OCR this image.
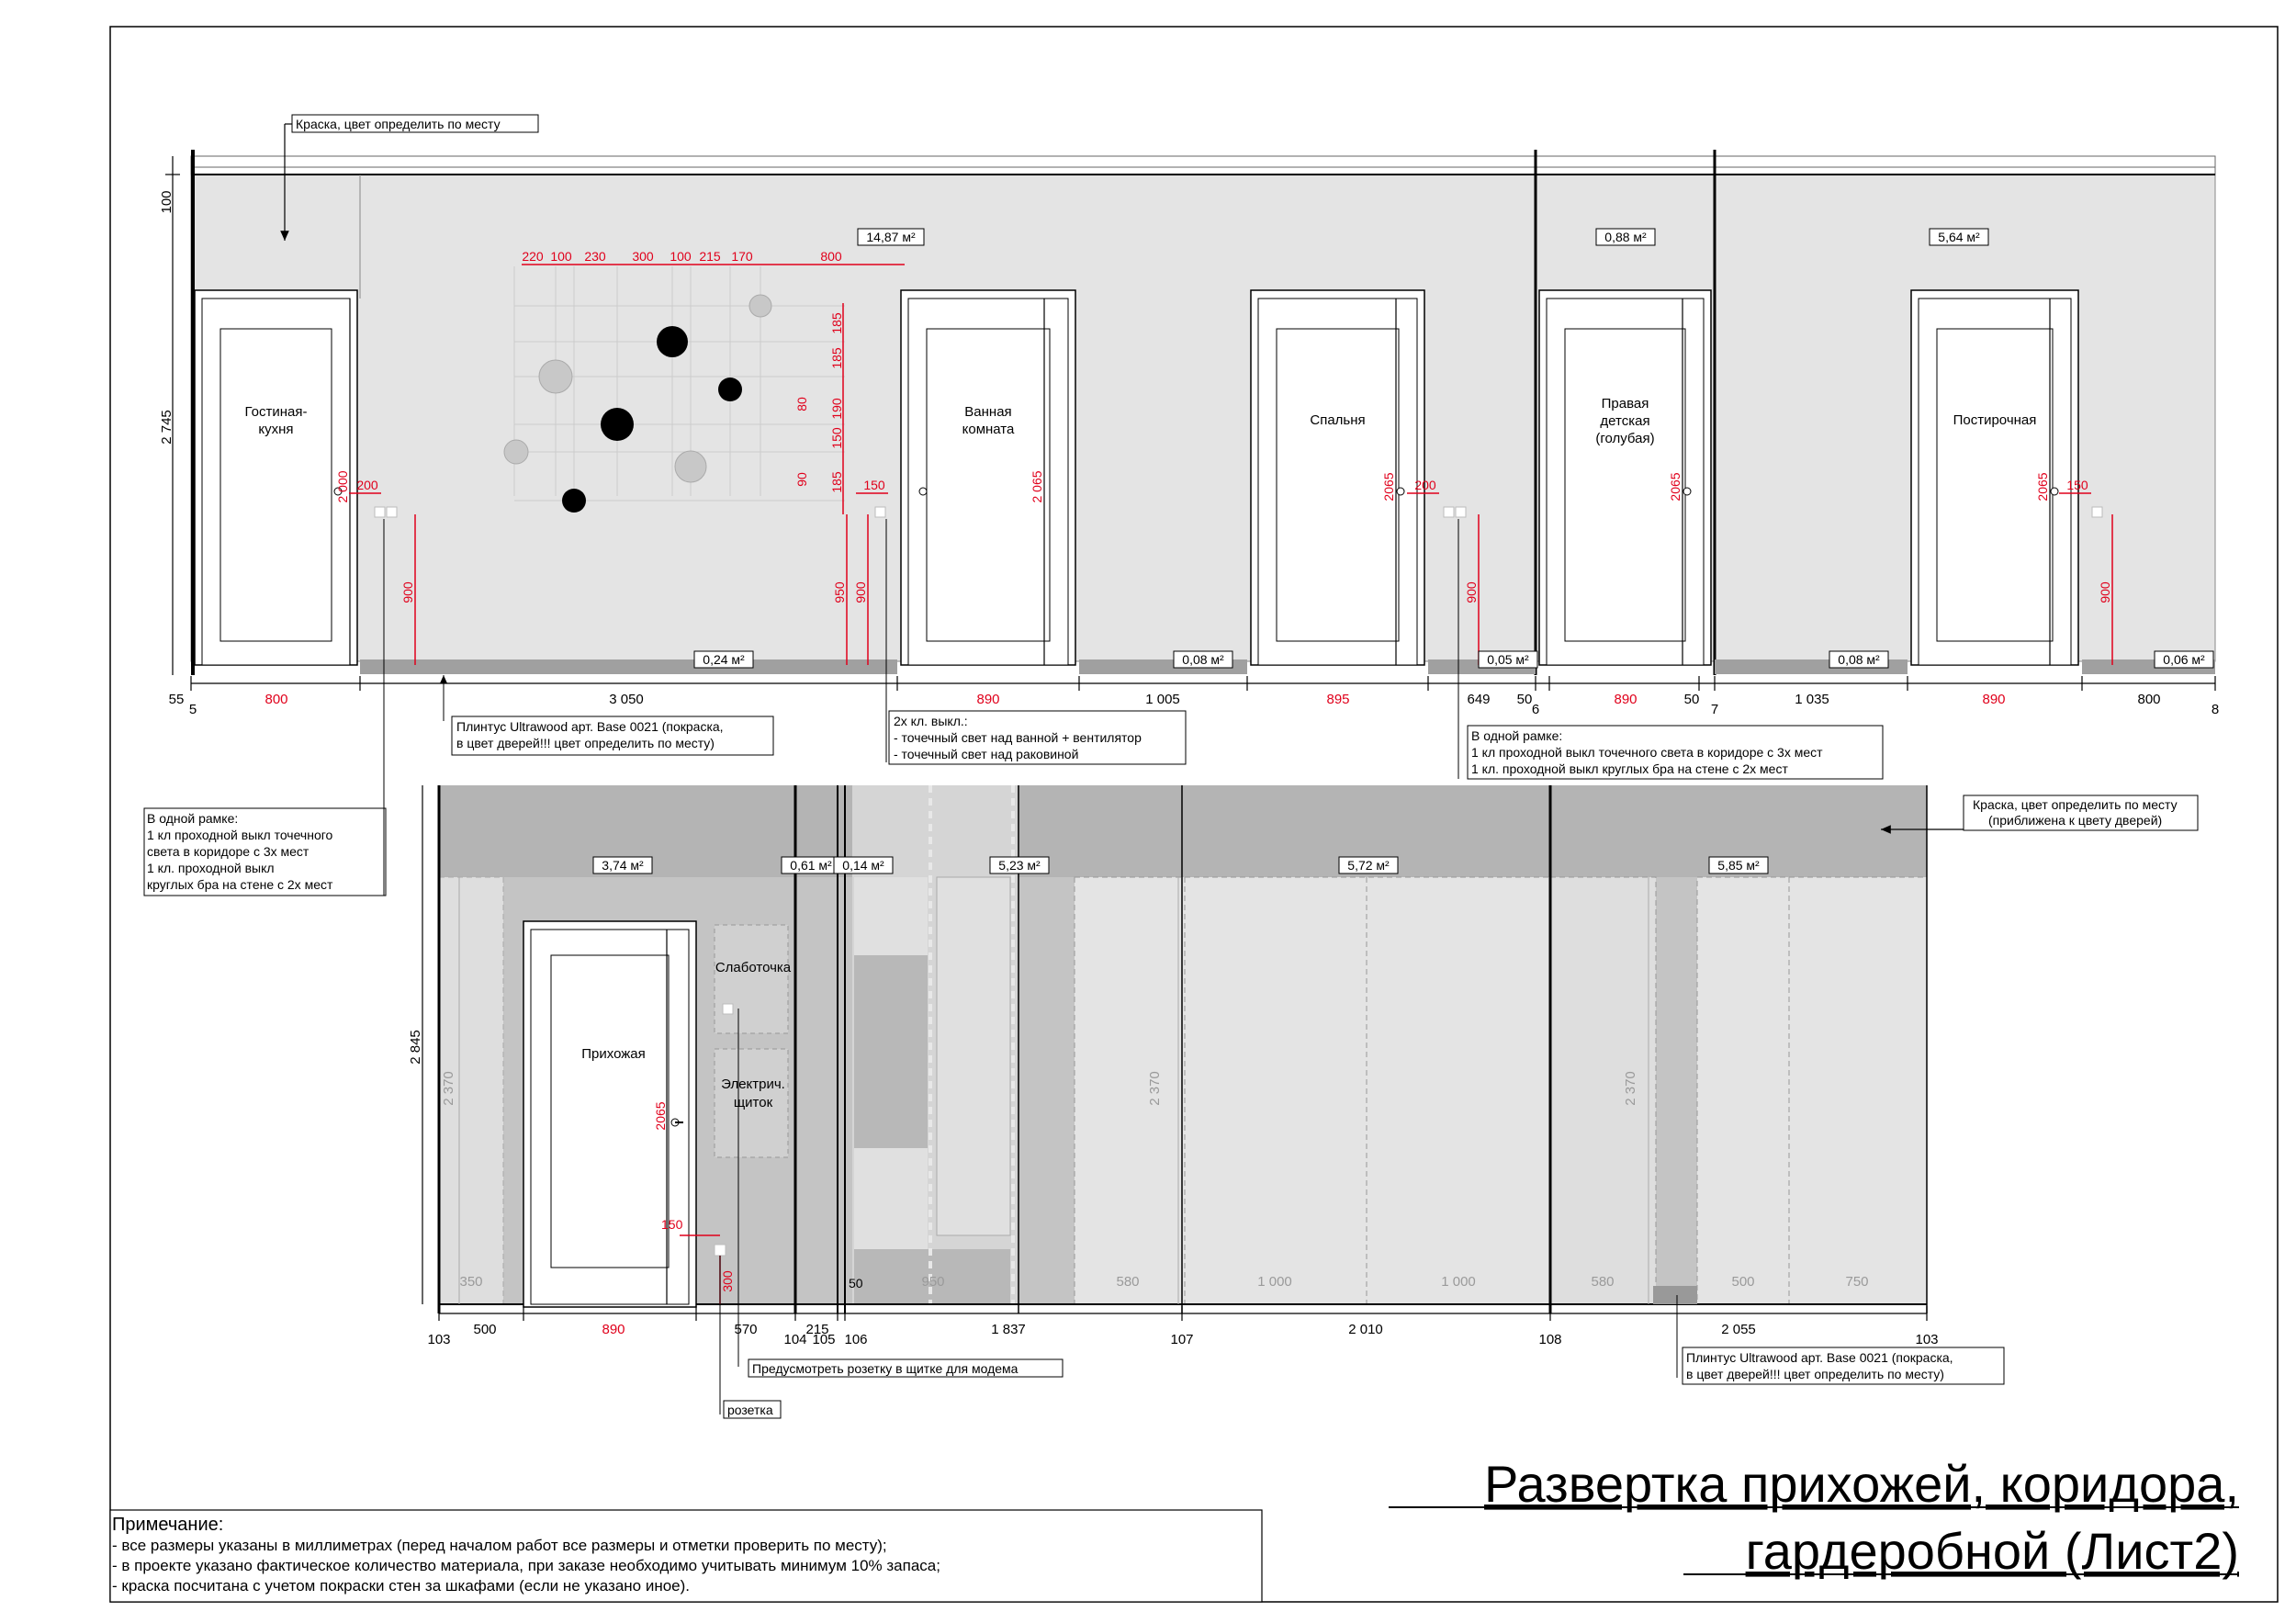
Гостиная-
кухня
2 000
Ванная
комната
2 065
Спальня
2065
Правая
детская
(голубая)
2065
Постирочная
2065
220 100 230 300 100 215 170	800
185
185
190
150
185
80
90
200	150	200	150
900	950 900	900	900
100
2 745
55	800	3 050	890	1 005	895	649 50	890	50	1 035	890	800
5	6	7	8
14,87 м²	0,88 м²	5,64 м²
0,24 м²	0,08 м²	0,05 м²	0,08 м²	0,06 м²
Краска, цвет определить по месту
Плинтус Ultrawood арт. Base 0021 (покраска,
в цвет дверей!!! цвет определить по месту)
2х кл. выкл.:
- точечный свет над ванной + вентилятор
- точечный свет над раковиной
В одной рамке:
1 кл проходной выкл точечного света в коридоре с 3х мест
1 кл. проходной выкл круглых бра на стене с 2х мест
В одной рамке:
1 кл проходной выкл точечного
света в коридоре с 3х мест
1 кл. проходной выкл
круглых бра на стене с 2х мест
Прихожая
2065
Слаботочка
Электрич.
щиток
150
300
2 370	2 370	2 370
350	950	580	1 000	1 000	580	500	750
50
3,74 м²	0,61 м² 0,14 м²	5,23 м²	5,72 м²	5,85 м²
2 845
500	890	570	215	1 837	2 010	2 055
103	104 105 106	107	108	103
Краска, цвет определить по месту
(приближена к цвету дверей)
Предусмотреть розетку в щитке для модема
розетка
Плинтус Ultrawood арт. Base 0021 (покраска,
в цвет дверей!!! цвет определить по месту)
Развертка прихожей, коридора,
гардеробной (Лист2)
Примечание:
- все размеры указаны в миллиметрах (перед началом работ все размеры и отметки проверить по месту);
- в проекте указано фактическое количество материала, при заказе необходимо учитывать минимум 10% запаса;
- краска посчитана с учетом покраски стен за шкафами (если не указано иное).
